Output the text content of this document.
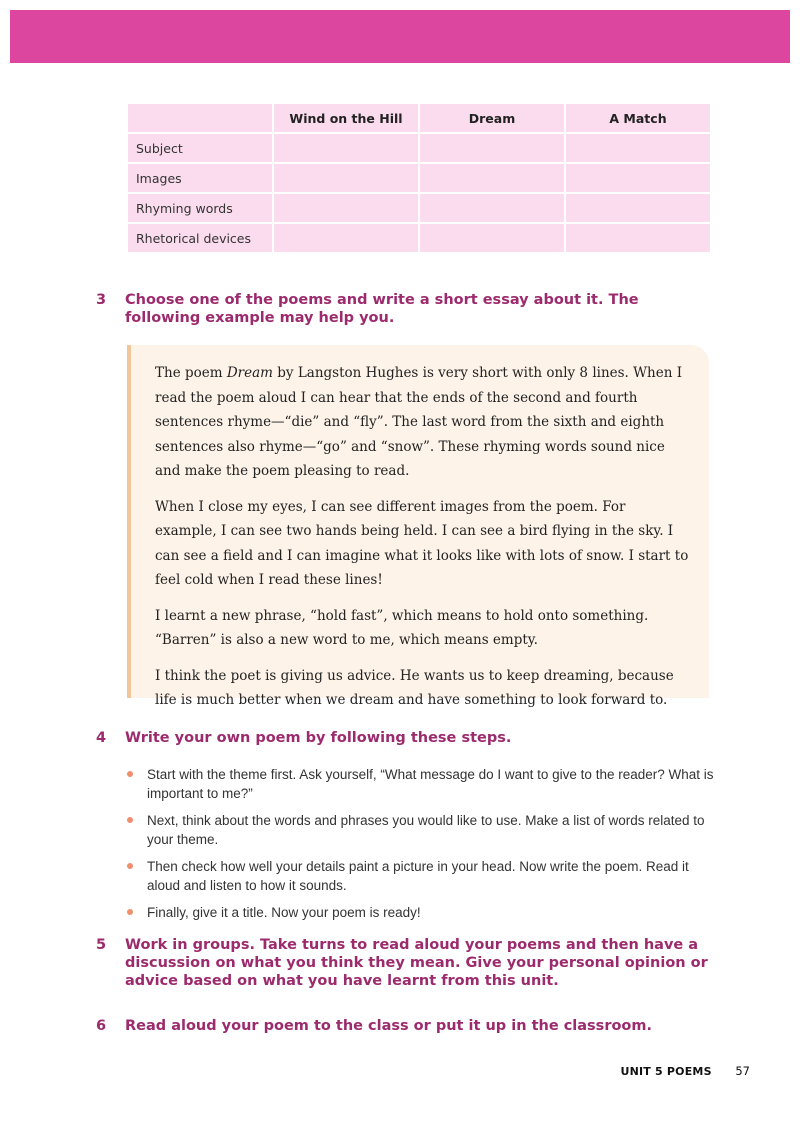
	Wind on the Hill	Dream	A Match
Subject			
Images			
Rhyming words			
Rhetorical devices			
3	Choose one of the poems and write a short essay about it. The following example may help you.

The poem Dream by Langston Hughes is very short with only 8 lines. When I read the poem aloud I can hear that the ends of the second and fourth sentences rhyme—“die” and “fly”. The last word from the sixth and eighth sentences also rhyme—“go” and “snow”. These rhyming words sound nice and make the poem pleasing to read.

When I close my eyes, I can see different images from the poem. For example, I can see two hands being held. I can see a bird flying in the sky. I can see a field and I can imagine what it looks like with lots of snow. I start to feel cold when I read these lines!

I learnt a new phrase, “hold fast”, which means to hold onto something. “Barren” is also a new word to me, which means empty.

I think the poet is giving us advice. He wants us to keep dreaming, because life is much better when we dream and have something to look forward to.

4	Write your own poem by following these steps.
Start with the theme first. Ask yourself, “What message do I want to give to the reader? What is important to me?”
Next, think about the words and phrases you would like to use. Make a list of words related to your theme.
Then check how well your details paint a picture in your head. Now write the poem. Read it aloud and listen to how it sounds.
Finally, give it a title. Now your poem is ready!
5	Work in groups. Take turns to read aloud your poems and then have a discussion on what you think they mean. Give your personal opinion or advice based on what you have learnt from this unit.
6	Read aloud your poem to the class or put it up in the classroom.
UNIT 5 POEMS 57
